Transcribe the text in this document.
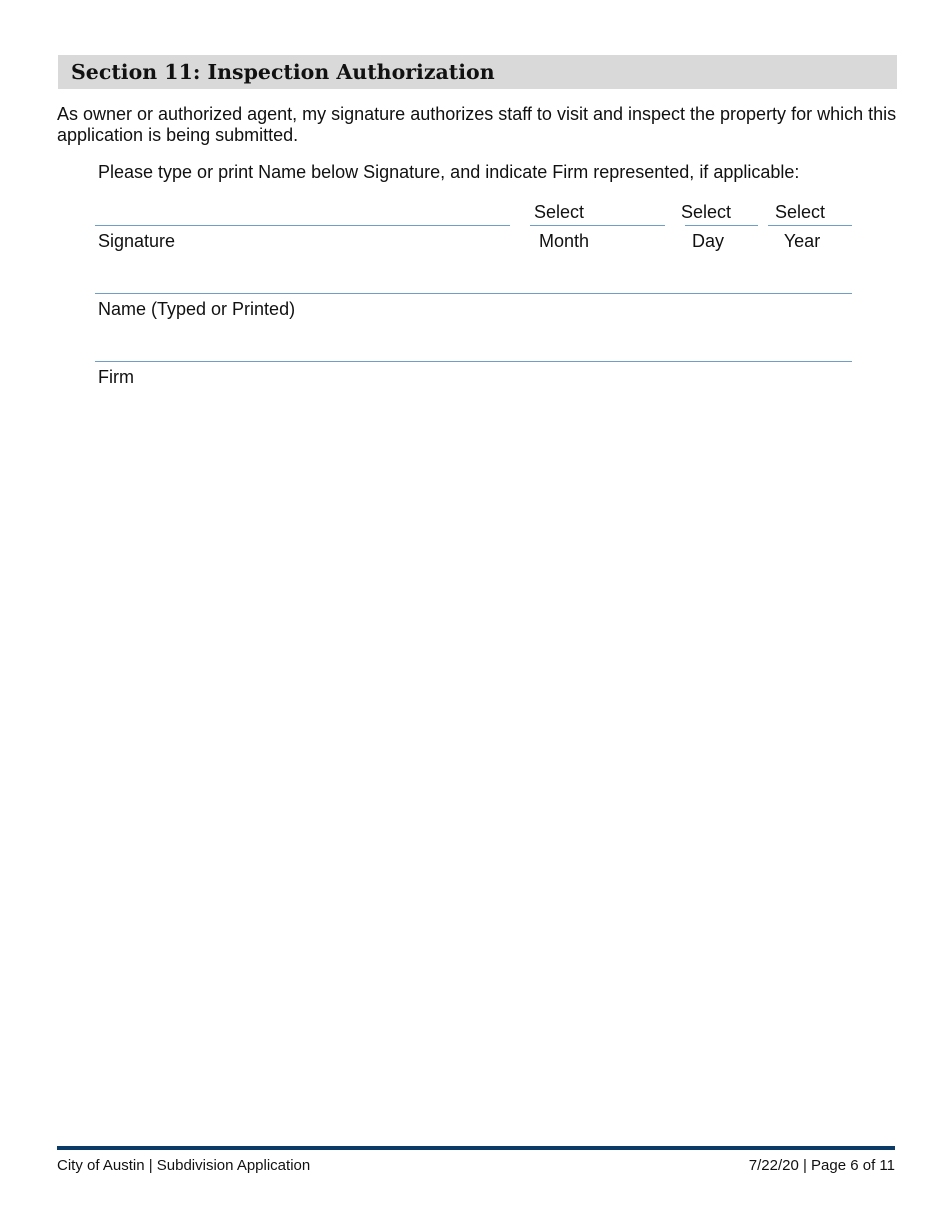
Section 11: Inspection Authorization

As owner or authorized agent, my signature authorizes staff to visit and inspect the property for which this application is being submitted.

Please type or print Name below Signature, and indicate Firm represented, if applicable:

Signature
Select
Month
Select
Day
Select
Year
Name (Typed or Printed)
Firm
City of Austin | Subdivision Application	7/22/20 | Page 6 of 11
